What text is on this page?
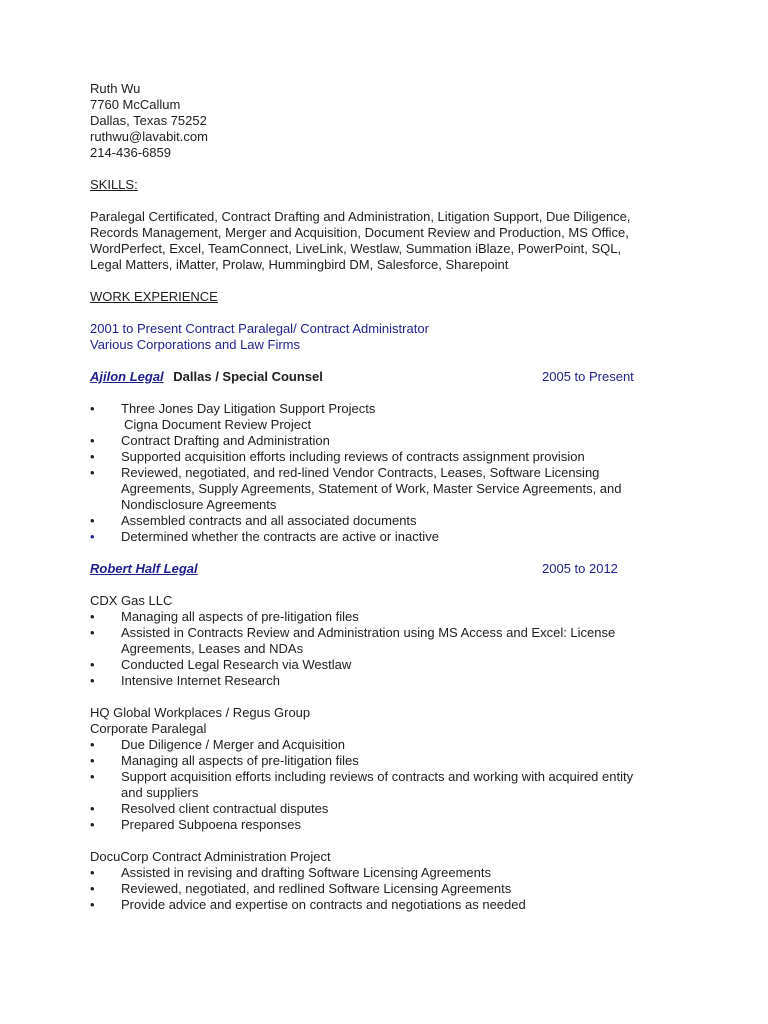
Ruth Wu
7760 McCallum
Dallas, Texas 75252
ruthwu@lavabit.com
214-436-6859
SKILLS:
Paralegal Certificated, Contract Drafting and Administration, Litigation Support, Due Diligence,
Records Management, Merger and Acquisition, Document Review and Production, MS Office,
WordPerfect, Excel, TeamConnect, LiveLink, Westlaw, Summation iBlaze, PowerPoint, SQL,
Legal Matters, iMatter, Prolaw, Hummingbird DM, Salesforce, Sharepoint
WORK EXPERIENCE
2001 to Present Contract Paralegal/ Contract Administrator
Various Corporations and Law Firms
Ajilon Legal Dallas / Special Counsel	2005 to Present
• Three Jones Day Litigation Support Projects
Cigna Document Review Project
• Contract Drafting and Administration
• Supported acquisition efforts including reviews of contracts assignment provision
• Reviewed, negotiated, and red-lined Vendor Contracts, Leases, Software Licensing
Agreements, Supply Agreements, Statement of Work, Master Service Agreements, and
Nondisclosure Agreements
• Assembled contracts and all associated documents
• Determined whether the contracts are active or inactive
Robert Half Legal	2005 to 2012
CDX Gas LLC
• Managing all aspects of pre-litigation files
• Assisted in Contracts Review and Administration using MS Access and Excel: License
Agreements, Leases and NDAs
• Conducted Legal Research via Westlaw
• Intensive Internet Research
HQ Global Workplaces / Regus Group
Corporate Paralegal
• Due Diligence / Merger and Acquisition
• Managing all aspects of pre-litigation files
• Support acquisition efforts including reviews of contracts and working with acquired entity
and suppliers
• Resolved client contractual disputes
• Prepared Subpoena responses
DocuCorp Contract Administration Project
• Assisted in revising and drafting Software Licensing Agreements
• Reviewed, negotiated, and redlined Software Licensing Agreements
• Provide advice and expertise on contracts and negotiations as needed
